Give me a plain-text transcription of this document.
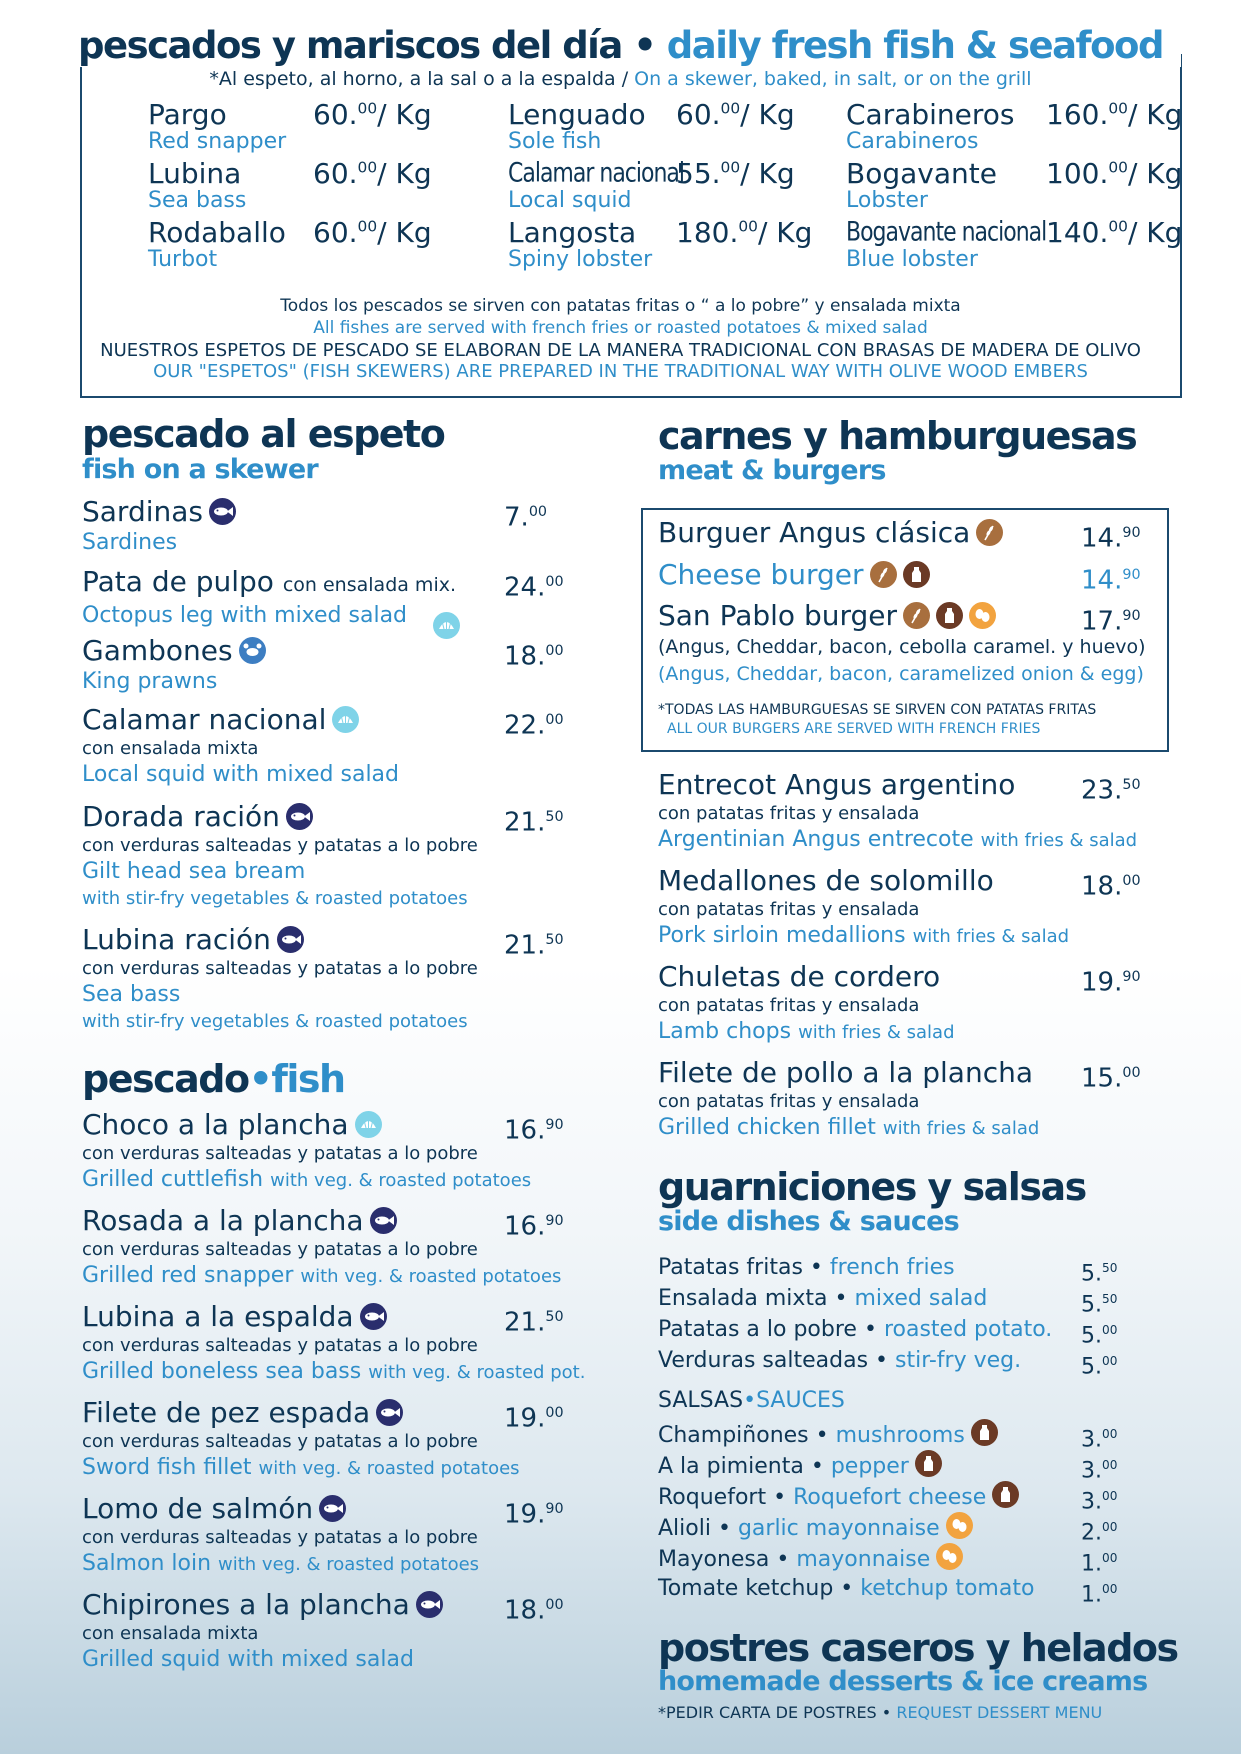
pescados y mariscos del día • daily fresh fish & seafood
*Al espeto, al horno, a la sal o a la espalda / On a skewer, baked, in salt, or on the grill
Pargo
Red snapper
60.00/ Kg
Lubina
Sea bass
60.00/ Kg
Rodaballo
Turbot
60.00/ Kg
Lenguado
Sole fish
60.00/ Kg
Calamar nacional
Local squid
55.00/ Kg
Langosta
Spiny lobster
180.00/ Kg
Carabineros
Carabineros
160.00/ Kg
Bogavante
Lobster
100.00/ Kg
Bogavante nacional
Blue lobster
140.00/ Kg
Todos los pescados se sirven con patatas fritas o “ a lo pobre” y ensalada mixta
All fishes are served with french fries or roasted potatoes & mixed salad
NUESTROS ESPETOS DE PESCADO SE ELABORAN DE LA MANERA TRADICIONAL CON BRASAS DE MADERA DE OLIVO
OUR "ESPETOS" (FISH SKEWERS) ARE PREPARED IN THE TRADITIONAL WAY WITH OLIVE WOOD EMBERS
pescado al espeto
fish on a skewer
Sardinas
Sardines
7.00
Pata de pulpo con ensalada mix.
Octopus leg with mixed salad
24.00
Gambones
King prawns
18.00
Calamar nacional
con ensalada mixta
Local squid with mixed salad
22.00
Dorada ración
con verduras salteadas y patatas a lo pobre
Gilt head sea bream
with stir-fry vegetables & roasted potatoes
21.50
Lubina ración
con verduras salteadas y patatas a lo pobre
Sea bass
with stir-fry vegetables & roasted potatoes
21.50
pescado•fish
Choco a la plancha
con verduras salteadas y patatas a lo pobre
Grilled cuttlefish with veg. & roasted potatoes
16.90
Rosada a la plancha
con verduras salteadas y patatas a lo pobre
Grilled red snapper with veg. & roasted potatoes
16.90
Lubina a la espalda
con verduras salteadas y patatas a lo pobre
Grilled boneless sea bass with veg. & roasted pot.
21.50
Filete de pez espada
con verduras salteadas y patatas a lo pobre
Sword fish fillet with veg. & roasted potatoes
19.00
Lomo de salmón
con verduras salteadas y patatas a lo pobre
Salmon loin with veg. & roasted potatoes
19.90
Chipirones a la plancha
con ensalada mixta
Grilled squid with mixed salad
18.00
carnes y hamburguesas
meat & burgers
Burguer Angus clásica	14.90
Cheese burger	14.90
San Pablo burger	17.90
(Angus, Cheddar, bacon, cebolla caramel. y huevo)
(Angus, Cheddar, bacon, caramelized onion & egg)
*TODAS LAS HAMBURGUESAS SE SIRVEN CON PATATAS FRITAS
ALL OUR BURGERS ARE SERVED WITH FRENCH FRIES
Entrecot Angus argentino
con patatas fritas y ensalada
Argentinian Angus entrecote with fries & salad
23.50
Medallones de solomillo
con patatas fritas y ensalada
Pork sirloin medallions with fries & salad
18.00
Chuletas de cordero
con patatas fritas y ensalada
Lamb chops with fries & salad
19.90
Filete de pollo a la plancha
con patatas fritas y ensalada
Grilled chicken fillet with fries & salad
15.00
guarniciones y salsas
side dishes & sauces
Patatas fritas • french fries	5.50
Ensalada mixta • mixed salad	5.50
Patatas a lo pobre • roasted potato. 5.00
Verduras salteadas • stir-fry veg.	5.00
SALSAS•SAUCES
Champiñones • mushrooms	3.00
A la pimienta • pepper	3.00
Roquefort • Roquefort cheese	3.00
Alioli • garlic mayonnaise	2.00
Mayonesa • mayonnaise	1.00
Tomate ketchup • ketchup tomato 1.00
postres caseros y helados
homemade desserts & ice creams
*PEDIR CARTA DE POSTRES • REQUEST DESSERT MENU
